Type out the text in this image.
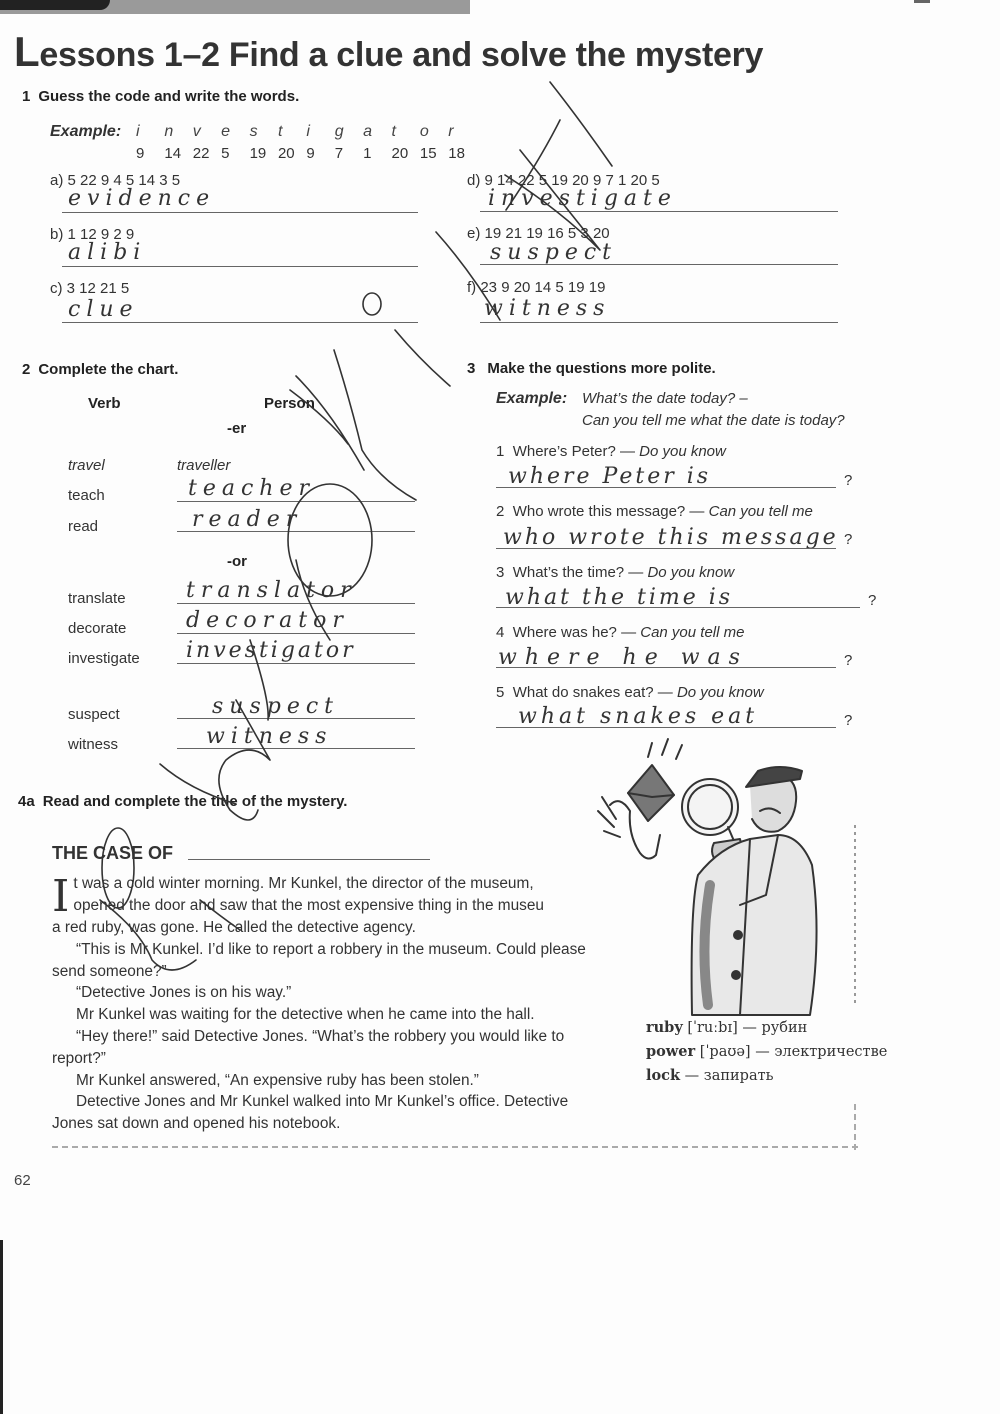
Lessons 1–2 Find a clue and solve the mystery
1 Guess the code and write the words.
Example: i n v e s t i g a t o r
9 14 22 5 19 20 9 7 1 20 15 18
a) 5 22 9 4 5 14 3 5
evidence
b) 1 12 9 2 9
alibi
c) 3 12 21 5
clue
d) 9 14 22 5 19 20 9 7 1 20 5
investigate
e) 19 21 19 16 5 3 20
suspect
f) 23 9 20 14 5 19 19
witness
2 Complete the chart.
Verb	Person
-er
travel	traveller
teach	teacher
read	reader
-or
translate	translator
decorate	decorator
investigate investigator
suspect	suspect
witness	witness
3 Make the questions more polite.
Example: What’s the date today? –
Can you tell me what the date is today?
1 Where’s Peter? — Do you know
where Peter is	?
2 Who wrote this message? — Can you tell me
who wrote this message ?
3 What’s the time? — Do you know
what the time is	?
4 Where was he? — Can you tell me
where he was	?
5 What do snakes eat? — Do you know
what snakes eat	?
4a Read and complete the title of the mystery.
THE CASE OF
I t was a cold winter morning. Mr Kunkel, the director of the museum,
opened the door and saw that the most expensive thing in the museu

a red ruby, was gone. He called the detective agency.

“This is Mr Kunkel. I’d like to report a robbery in the museum. Could please send someone?”

“Detective Jones is on his way.”

Mr Kunkel was waiting for the detective when he came into the hall.

“Hey there!” said Detective Jones. “What’s the robbery you would like to report?”

Mr Kunkel answered, “An expensive ruby has been stolen.”

Detective Jones and Mr Kunkel walked into Mr Kunkel’s office. Detective Jones sat down and opened his notebook.

ruby [ˈruːbɪ] — рубин
power [ˈpaʊə] — электричестве
lock — запирать
62
